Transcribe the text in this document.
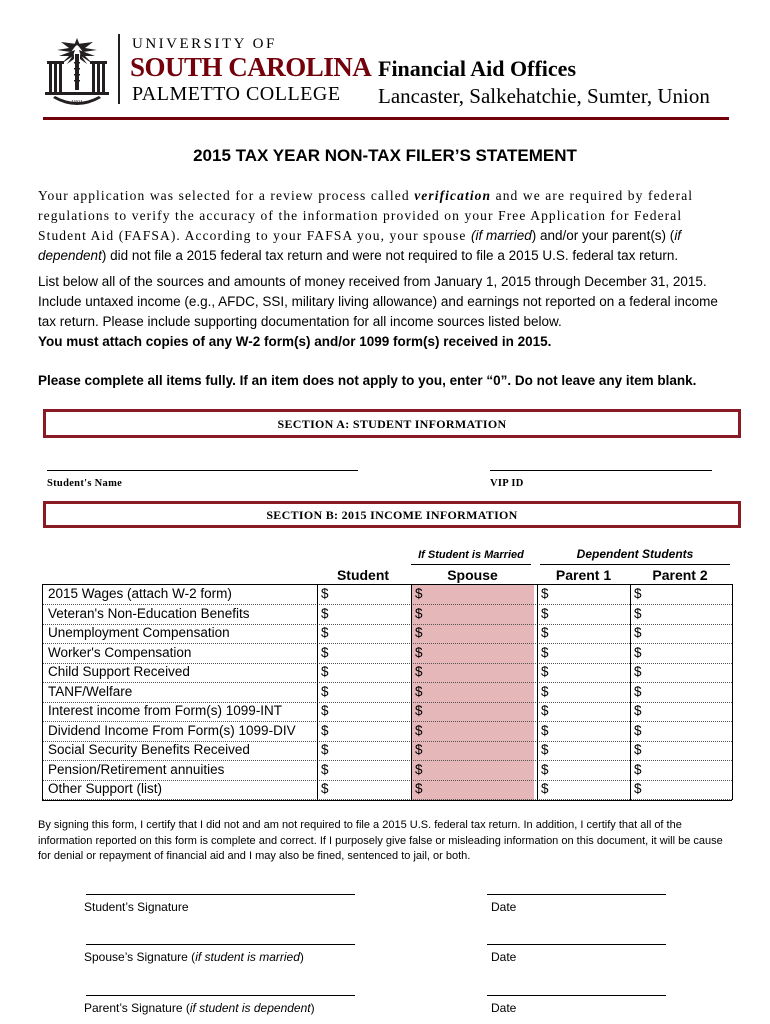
1801
UNIVERSITY OF
SOUTH CAROLINA
PALMETTO COLLEGE
Financial Aid Offices
Lancaster, Salkehatchie, Sumter, Union
2015 TAX YEAR NON-TAX FILER’S STATEMENT
Your application was selected for a review process called verification and we are required by federal regulations to verify the accuracy of the information provided on your Free Application for Federal Student Aid (FAFSA). According to your FAFSA you, your spouse (if married) and/or your parent(s) (if dependent) did not file a 2015 federal tax return and were not required to file a 2015 U.S. federal tax return.
List below all of the sources and amounts of money received from January 1, 2015 through December 31, 2015. Include untaxed income (e.g., AFDC, SSI, military living allowance) and earnings not reported on a federal income tax return. Please include supporting documentation for all income sources listed below.
You must attach copies of any W-2 form(s) and/or 1099 form(s) received in 2015.
Please complete all items fully. If an item does not apply to you, enter “0”. Do not leave any item blank.
SECTION A: STUDENT INFORMATION
Student's Name	VIP ID
SECTION B: 2015 INCOME INFORMATION
If Student is Married	Dependent Students
Student	Spouse	Parent 1	Parent 2
2015 Wages (attach W-2 form)	$	$	$	$
Veteran's Non-Education Benefits	$	$	$	$
Unemployment Compensation	$	$	$	$
Worker's Compensation	$	$	$	$
Child Support Received	$	$	$	$
TANF/Welfare	$	$	$	$
Interest income from Form(s) 1099-INT	$	$	$	$
Dividend Income From Form(s) 1099-DIV $	$	$	$
Social Security Benefits Received	$	$	$	$
Pension/Retirement annuities	$	$	$	$
Other Support (list)	$	$	$	$
By signing this form, I certify that I did not and am not required to file a 2015 U.S. federal tax return. In addition, I certify that all of the information reported on this form is complete and correct. If I purposely give false or misleading information on this document, it will be cause for denial or repayment of financial aid and I may also be fined, sentenced to jail, or both.
Student’s Signature	Date
Spouse’s Signature (if student is married)	Date
Parent’s Signature (if student is dependent)	Date
